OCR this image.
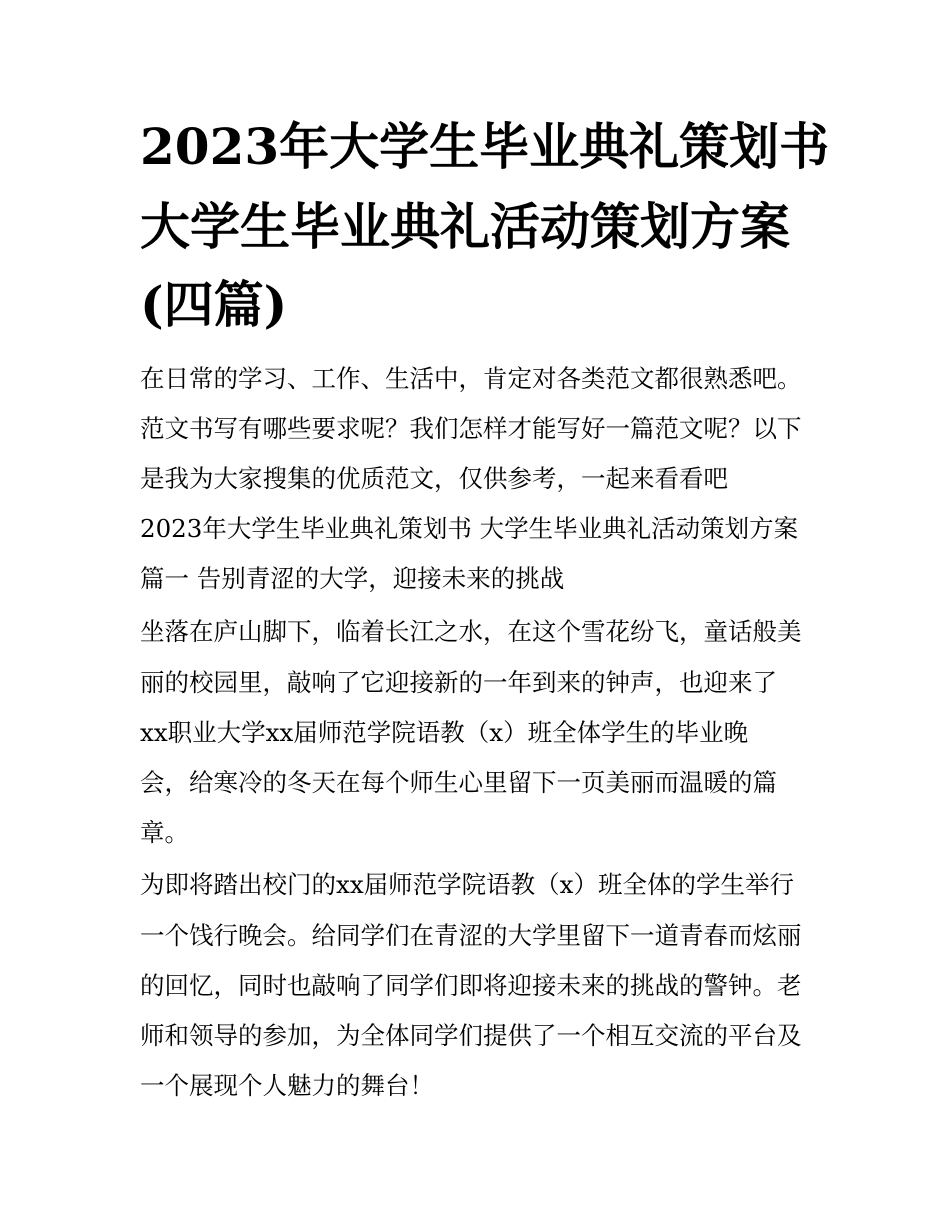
2023年大学生毕业典礼策划书
大学生毕业典礼活动策划方案
(四篇)
在日常的学习、工作、生活中，肯定对各类范文都很熟悉吧。
范文书写有哪些要求呢？我们怎样才能写好一篇范文呢？以下
是我为大家搜集的优质范文，仅供参考，一起来看看吧
2023年大学生毕业典礼策划书 大学生毕业典礼活动策划方案
篇一 告别青涩的大学，迎接未来的挑战
坐落在庐山脚下，临着长江之水，在这个雪花纷飞，童话般美
丽的校园里，敲响了它迎接新的一年到来的钟声，也迎来了
xx职业大学xx届师范学院语教（x）班全体学生的毕业晚
会，给寒冷的冬天在每个师生心里留下一页美丽而温暖的篇
章。
为即将踏出校门的xx届师范学院语教（x）班全体的学生举行
一个饯行晚会。给同学们在青涩的大学里留下一道青春而炫丽
的回忆，同时也敲响了同学们即将迎接未来的挑战的警钟。老
师和领导的参加，为全体同学们提供了一个相互交流的平台及
一个展现个人魅力的舞台！
